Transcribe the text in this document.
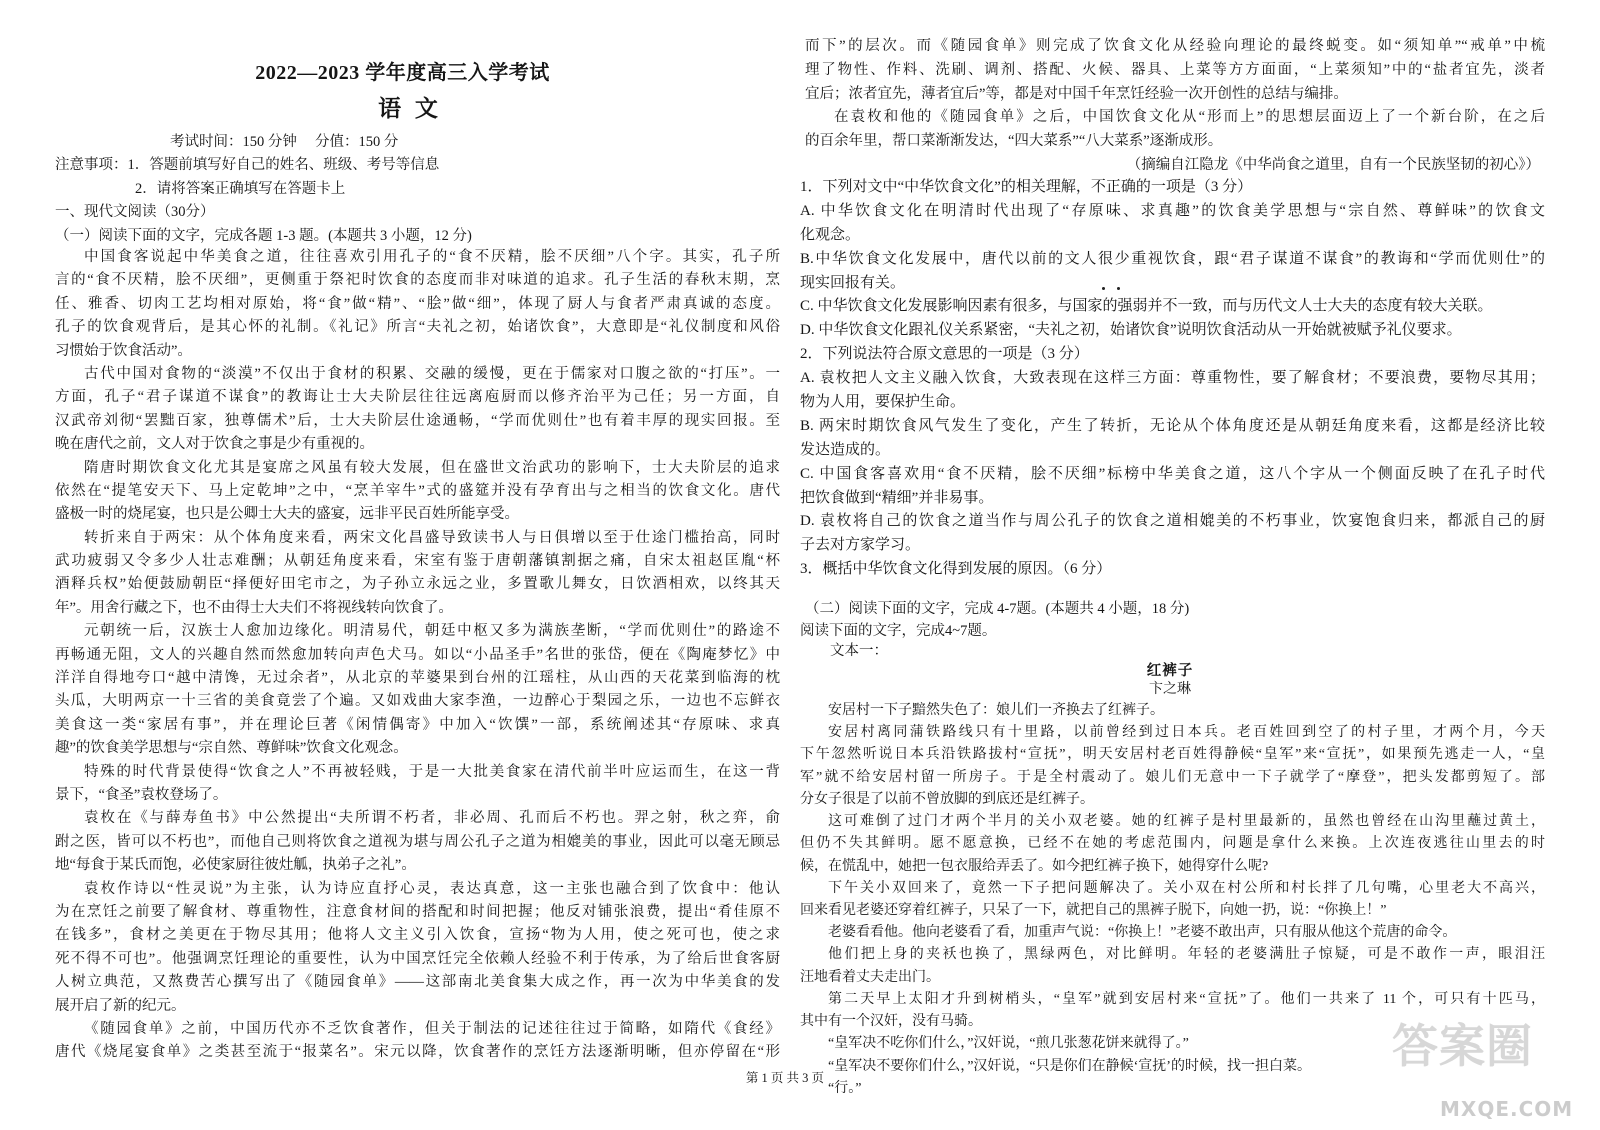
2022—2023 学年度高三入学考试
语 文
考试时间：150 分钟     分值：150 分
注意事项：1．答题前填写好自己的姓名、班级、考号等信息
2．请将答案正确填写在答题卡上
一、现代文阅读（30分）
（一）阅读下面的文字，完成各题 1-3 题。(本题共 3 小题，12 分)
中国食客说起中华美食之道，往往喜欢引用孔子的“食不厌精，脍不厌细”八个字。其实，孔子所
言的“食不厌精，脍不厌细”，更侧重于祭祀时饮食的态度而非对味道的追求。孔子生活的春秋末期，烹
任、雅香、切肉工艺均相对原始，将“食”做“精”、“脍”做“细”，体现了厨人与食者严肃真诚的态度。
孔子的饮食观背后，是其心怀的礼制。《礼记》所言“夫礼之初，始诸饮食”，大意即是“礼仪制度和风俗
习惯始于饮食活动”。
古代中国对食物的“淡漠”不仅出于食材的积累、交融的缓慢，更在于儒家对口腹之欲的“打压”。一
方面，孔子“君子谋道不谋食”的教诲让士大夫阶层往往远离庖厨而以修齐治平为己任；另一方面，自
汉武帝刘彻“罢黜百家，独尊儒术”后，士大夫阶层仕途通畅，“学而优则仕”也有着丰厚的现实回报。至
晚在唐代之前，文人对于饮食之事是少有重视的。
隋唐时期饮食文化尤其是宴席之风虽有较大发展，但在盛世文治武功的影响下，士大夫阶层的追求
依然在“提笔安天下、马上定乾坤”之中，“烹羊宰牛”式的盛筵并没有孕育出与之相当的饮食文化。唐代
盛极一时的烧尾宴，也只是公卿士大夫的盛宴，远非平民百姓所能享受。
转折来自于两宋：从个体角度来看，两宋文化昌盛导致读书人与日俱增以至于仕途门槛抬高，同时
武功疲弱又令多少人壮志难酬；从朝廷角度来看，宋室有鉴于唐朝藩镇割据之痛，自宋太祖赵匡胤“杯
酒释兵权”始便鼓励朝臣“择便好田宅市之，为子孙立永远之业，多置歌儿舞女，日饮酒相欢，以终其天
年”。用舍行藏之下，也不由得士大夫们不将视线转向饮食了。
元朝统一后，汉族士人愈加边缘化。明清易代，朝廷中枢又多为满族垄断，“学而优则仕”的路途不
再畅通无阻，文人的兴趣自然而然愈加转向声色犬马。如以“小品圣手”名世的张岱，便在《陶庵梦忆》中
洋洋自得地夸口“越中清馋，无过余者”，从北京的苹婆果到台州的江瑶柱，从山西的天花菜到临海的枕
头瓜，大明两京一十三省的美食竟尝了个遍。又如戏曲大家李渔，一边醉心于梨园之乐，一边也不忘鲜衣
美食这一类“家居有事”，并在理论巨著《闲情偶寄》中加入“饮馔”一部，系统阐述其“存原味、求真
趣”的饮食美学思想与“宗自然、尊鲜味”饮食文化观念。
特殊的时代背景使得“饮食之人”不再被轻贱，于是一大批美食家在清代前半叶应运而生，在这一背
景下，“食圣”袁枚登场了。
袁枚在《与薛寿鱼书》中公然提出“夫所谓不朽者，非必周、孔而后不朽也。羿之射，秋之弈，俞
跗之医，皆可以不朽也”，而他自己则将饮食之道视为堪与周公孔子之道为相媲美的事业，因此可以毫无顾忌
地“每食于某氏而饱，必使家厨往彼灶觚，执弟子之礼”。
袁枚作诗以“性灵说”为主张，认为诗应直抒心灵，表达真意，这一主张也融合到了饮食中：他认
为在烹饪之前要了解食材、尊重物性，注意食材间的搭配和时间把握；他反对铺张浪费，提出“肴佳原不
在钱多”，食材之美更在于物尽其用；他将人文主义引入饮食，宣扬“物为人用，使之死可也，使之求
死不得不可也”。他强调烹饪理论的重要性，认为中国烹饪完全依赖人经验不利于传承，为了给后世食客厨
人树立典范，又熬费苦心撰写出了《随园食单》——这部南北美食集大成之作，再一次为中华美食的发
展开启了新的纪元。
《随园食单》之前，中国历代亦不乏饮食著作，但关于制法的记述往往过于简略，如隋代《食经》
唐代《烧尾宴食单》之类甚至流于“报菜名”。宋元以降，饮食著作的烹饪方法逐渐明晰，但亦停留在“形
而下”的层次。而《随园食单》则完成了饮食文化从经验向理论的最终蜕变。如“须知单”“戒单”中梳
理了物性、作料、洗刷、调剂、搭配、火候、器具、上菜等方方面面，“上菜须知”中的“盐者宜先，淡者
宜后；浓者宜先，薄者宜后”等，都是对中国千年烹饪经验一次开创性的总结与编排。
在袁枚和他的《随园食单》之后，中国饮食文化从“形而上”的思想层面迈上了一个新台阶，在之后
的百余年里，帮口菜渐渐发达，“四大菜系”“八大菜系”逐渐成形。
（摘编自江隐龙《中华尚食之道里，自有一个民族坚韧的初心》）
1．下列对文中“中华饮食文化”的相关理解，不正确的一项是（3 分）
A. 中华饮食文化在明清时代出现了“存原味、求真趣”的饮食美学思想与“宗自然、尊鲜味”的饮食文
化观念。
B.中华饮食文化发展中，唐代以前的文人很少重视饮食，跟“君子谋道不谋食”的教诲和“学而优则仕”的
现实回报有关。
C. 中华饮食文化发展影响因素有很多，与国家的强弱并不一致，而与历代文人士大夫的态度有较大关联。
D. 中华饮食文化跟礼仪关系紧密，“夫礼之初，始诸饮食”说明饮食活动从一开始就被赋予礼仪要求。
2．下列说法符合原文意思的一项是（3 分）
A. 袁枚把人文主义融入饮食，大致表现在这样三方面：尊重物性，要了解食材；不要浪费，要物尽其用；
物为人用，要保护生命。
B. 两宋时期饮食风气发生了变化，产生了转折，无论从个体角度还是从朝廷角度来看，这都是经济比较
发达造成的。
C. 中国食客喜欢用“食不厌精，脍不厌细”标榜中华美食之道，这八个字从一个侧面反映了在孔子时代
把饮食做到“精细”并非易事。
D. 袁枚将自己的饮食之道当作与周公孔子的饮食之道相媲美的不朽事业，饮宴饱食归来，都派自己的厨
子去对方家学习。
3．概括中华饮食文化得到发展的原因。（6 分）
（二）阅读下面的文字，完成 4-7题。(本题共 4 小题，18 分)
阅读下面的文字，完成4~7题。
文本一：
红裤子
卞之琳
安居村一下子黯然失色了：娘儿们一齐换去了红裤子。
安居村离同蒲铁路线只有十里路，以前曾经到过日本兵。老百姓回到空了的村子里，才两个月，今天
下午忽然听说日本兵沿铁路拔村“宣抚”，明天安居村老百姓得静候“皇军”来“宣抚”，如果预先逃走一人，“皇
军”就不给安居村留一所房子。于是全村震动了。娘儿们无意中一下子就学了“摩登”，把头发都剪短了。部
分女子很是了以前不曾放脚的到底还是红裤子。
这可难倒了过门才两个半月的关小双老婆。她的红裤子是村里最新的，虽然也曾经在山沟里蘸过黄土，
但仍不失其鲜明。愿不愿意换，已经不在她的考虑范围内，问题是拿什么来换。上次连夜逃往山里去的时
候，在慌乱中，她把一包衣服给弄丢了。如今把红裤子换下，她得穿什么呢?
下午关小双回来了，竟然一下子把问题解决了。关小双在村公所和村长拌了几句嘴，心里老大不高兴，
回来看见老婆还穿着红裤子，只呆了一下，就把自己的黑裤子脱下，向她一扔，说：“你换上！”
老婆看看他。他向老婆看了看，加重声气说：“你换上！”老婆不敢出声，只有服从他这个荒唐的命令。
他们把上身的夹袄也换了，黑绿两色，对比鲜明。年轻的老婆满肚子惊疑，可是不敢作一声，眼泪汪
汪地看着丈夫走出门。
第二天早上太阳才升到树梢头，“皇军”就到安居村来“宣抚”了。他们一共来了 11 个，可只有十匹马，
其中有一个汉奸，没有马骑。
“皇军决不吃你们什么，”汉奸说，“煎几张葱花饼来就得了。”
“皇军决不要你们什么，”汉奸说，“只是你们在静候‘宣抚’的时候，找一担白菜。
“行。”
第 1 页 共 3 页
答案圈
MXQE.COM
